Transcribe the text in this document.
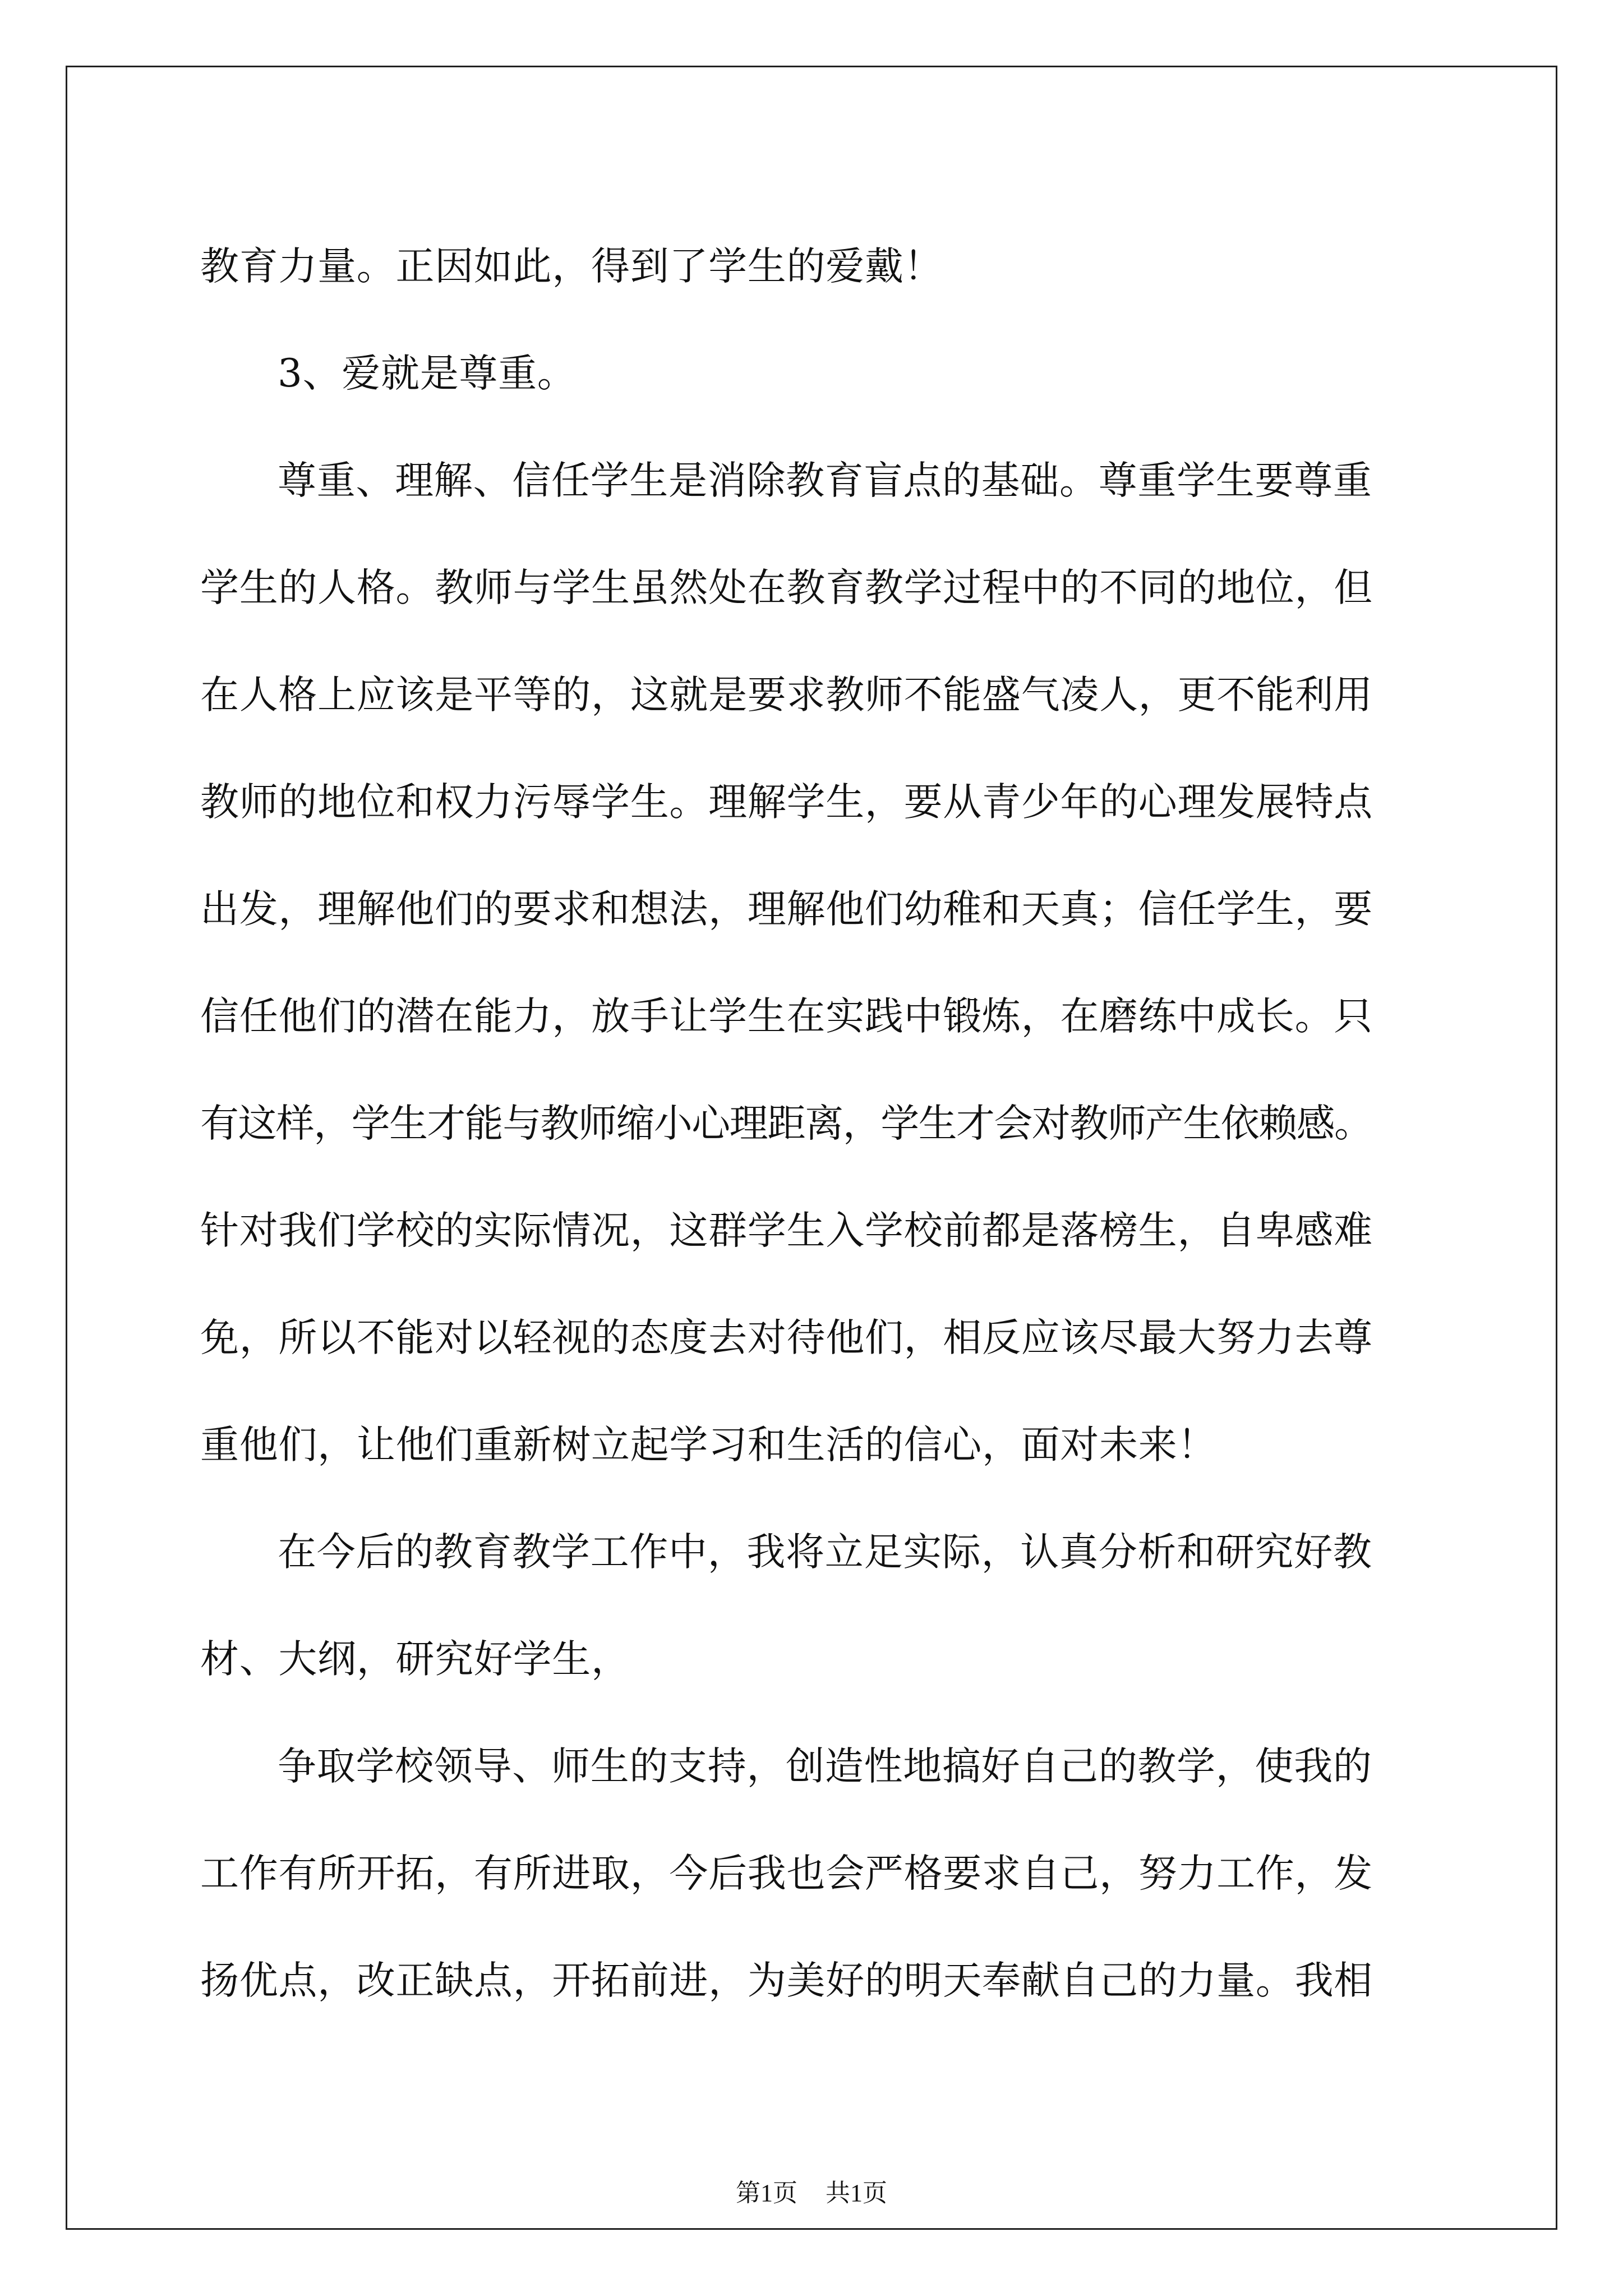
教育力量。正因如此，得到了学生的爱戴！
3、爱就是尊重。
尊重、理解、信任学生是消除教育盲点的基础。尊重学生要尊重
学生的人格。教师与学生虽然处在教育教学过程中的不同的地位，但
在人格上应该是平等的，这就是要求教师不能盛气凌人，更不能利用
教师的地位和权力污辱学生。理解学生，要从青少年的心理发展特点
出发，理解他们的要求和想法，理解他们幼稚和天真；信任学生，要
信任他们的潜在能力，放手让学生在实践中锻炼，在磨练中成长。只
有这样，学生才能与教师缩小心理距离，学生才会对教师产生依赖感。
针对我们学校的实际情况，这群学生入学校前都是落榜生，自卑感难
免，所以不能对以轻视的态度去对待他们，相反应该尽最大努力去尊
重他们，让他们重新树立起学习和生活的信心，面对未来！
在今后的教育教学工作中，我将立足实际，认真分析和研究好教
材、大纲，研究好学生，
争取学校领导、师生的支持，创造性地搞好自己的教学，使我的
工作有所开拓，有所进取，今后我也会严格要求自己，努力工作，发
扬优点，改正缺点，开拓前进，为美好的明天奉献自己的力量。我相
第1页 共1页
